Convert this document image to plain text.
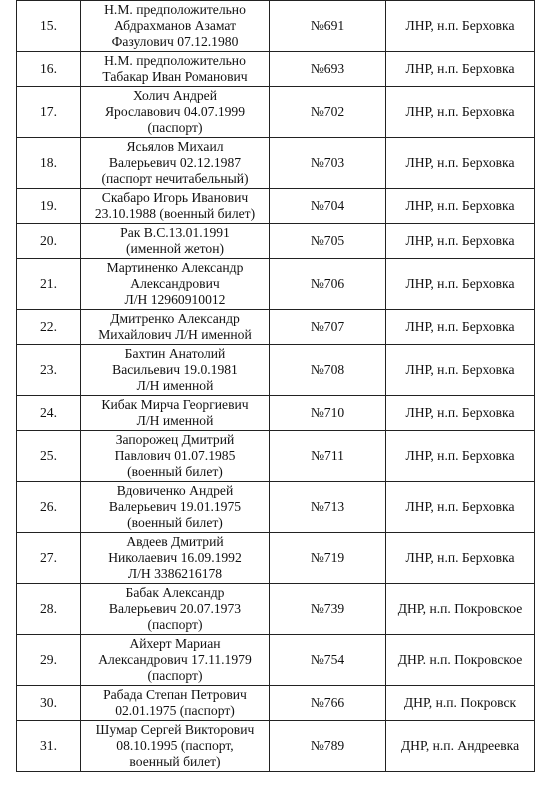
15.	Н.М. предположительно
Абдрахманов Азамат
Фазулович 07.12.1980	№691	ЛНР, н.п. Берховка
16.	Н.М. предположительно
Табакар Иван Романович	№693	ЛНР, н.п. Берховка
17.	Холич Андрей
Ярославович 04.07.1999
(паспорт)	№702	ЛНР, н.п. Берховка
18.	Ясьялов Михаил
Валерьевич 02.12.1987
(паспорт нечитабельный)	№703	ЛНР, н.п. Берховка
19.	Скабаро Игорь Иванович
23.10.1988 (военный билет)	№704	ЛНР, н.п. Берховка
20.	Рак В.С.13.01.1991
(именной жетон)	№705	ЛНР, н.п. Берховка
21.	Мартиненко Александр
Александрович
Л/Н 12960910012	№706	ЛНР, н.п. Берховка
22.	Дмитренко Александр
Михайлович Л/Н именной	№707	ЛНР, н.п. Берховка
23.	Бахтин Анатолий
Васильевич 19.0.1981
Л/Н именной	№708	ЛНР, н.п. Берховка
24.	Кибак Мирча Георгиевич
Л/Н именной	№710	ЛНР, н.п. Берховка
25.	Запорожец Дмитрий
Павлович 01.07.1985
(военный билет)	№711	ЛНР, н.п. Берховка
26.	Вдовиченко Андрей
Валерьевич 19.01.1975
(военный билет)	№713	ЛНР, н.п. Берховка
27.	Авдеев Дмитрий
Николаевич 16.09.1992
Л/Н 3386216178	№719	ЛНР, н.п. Берховка
28.	Бабак Александр
Валерьевич 20.07.1973
(паспорт)	№739	ДНР, н.п. Покровское
29.	Айхерт Мариан
Александрович 17.11.1979
(паспорт)	№754	ДНР. н.п. Покровское
30.	Рабада Степан Петрович
02.01.1975 (паспорт)	№766	ДНР, н.п. Покровск
31.	Шумар Сергей Викторович
08.10.1995 (паспорт,
военный билет)	№789	ДНР, н.п. Андреевка
